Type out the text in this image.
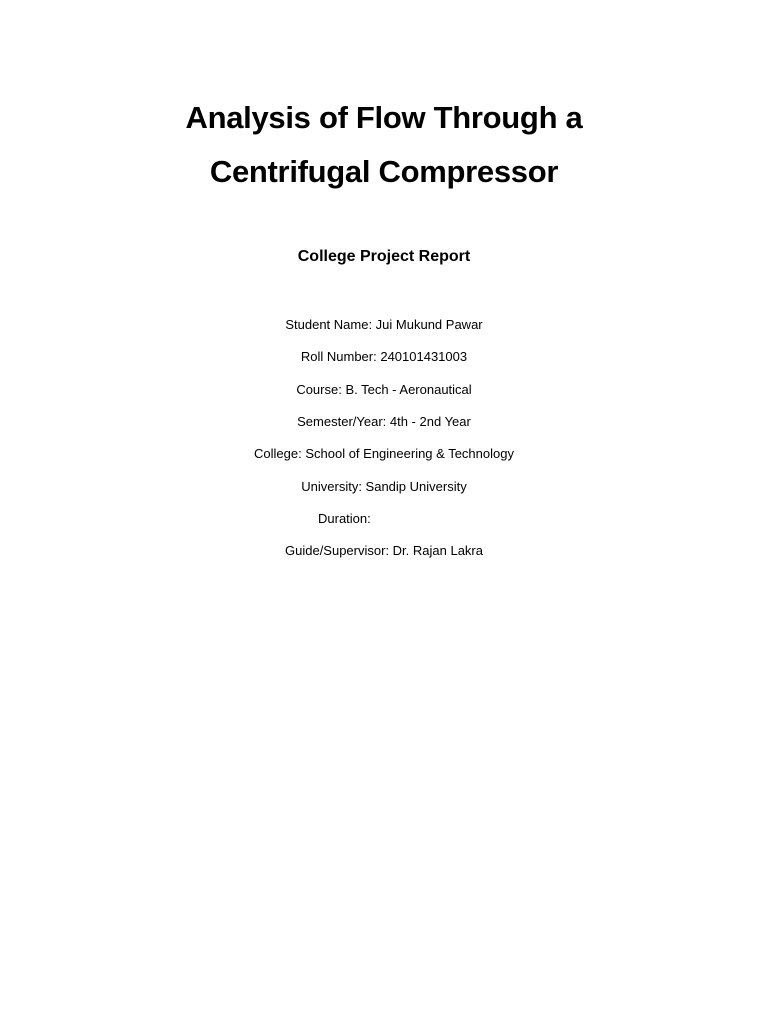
Analysis of Flow Through a
Centrifugal Compressor
College Project Report
Student Name: Jui Mukund Pawar
Roll Number: 240101431003
Course: B. Tech - Aeronautical
Semester/Year: 4th - 2nd Year
College: School of Engineering & Technology
University: Sandip University
Duration:
Guide/Supervisor: Dr. Rajan Lakra
